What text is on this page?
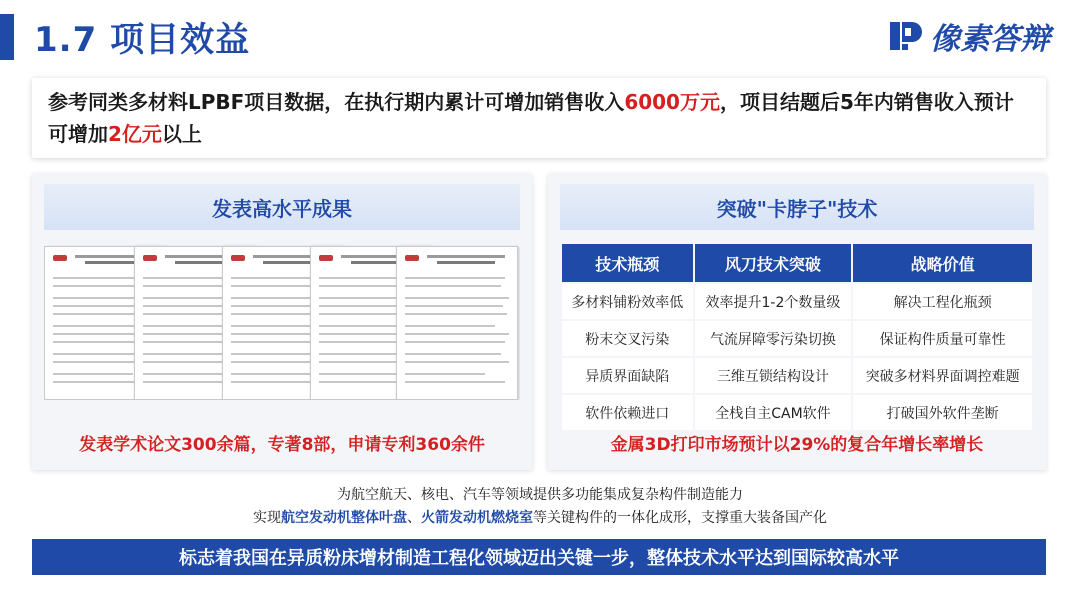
1.7 项目效益	像素答辩
参考同类多材料LPBF项目数据，在执行期内累计可增加销售收入6000万元，项目结题后5年内销售收入预计可增加2亿元以上
发表高水平成果
发表学术论文300余篇，专著8部，申请专利360余件
突破"卡脖子"技术
技术瓶颈	风刀技术突破	战略价值
多材料铺粉效率低	效率提升1-2个数量级	解决工程化瓶颈
粉末交叉污染	气流屏障零污染切换	保证构件质量可靠性
异质界面缺陷	三维互锁结构设计	突破多材料界面调控难题
软件依赖进口	全栈自主CAM软件	打破国外软件垄断
金属3D打印市场预计以29%的复合年增长率增长
为航空航天、核电、汽车等领域提供多功能集成复杂构件制造能力
实现航空发动机整体叶盘、火箭发动机燃烧室等关键构件的一体化成形，支撑重大装备国产化
标志着我国在异质粉床增材制造工程化领域迈出关键一步，整体技术水平达到国际较高水平
